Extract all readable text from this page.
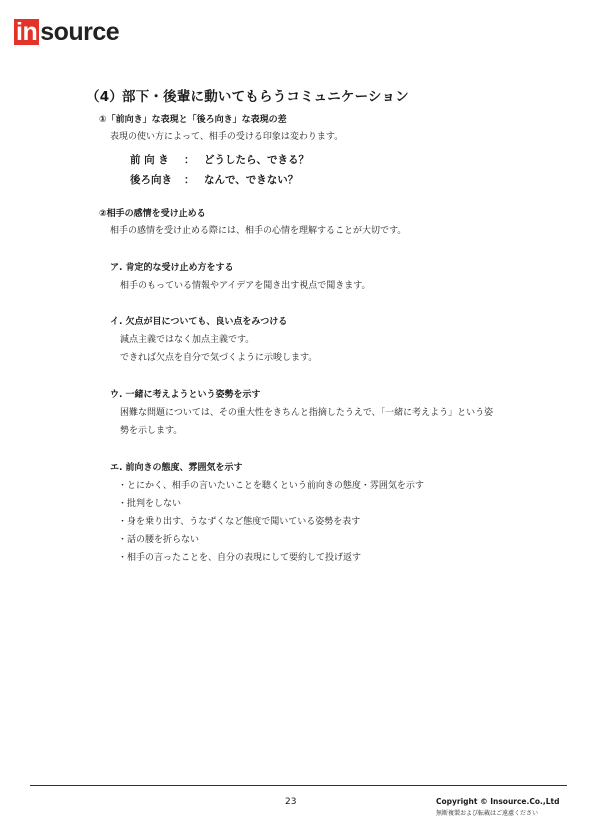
in source
（4）部下・後輩に動いてもらうコミュニケーション
①「前向き」な表現と「後ろ向き」な表現の差
表現の使い方によって、相手の受ける印象は変わります。
前 向 き ： どうしたら、できる？
後ろ向き ： なんで、できない？
②相手の感情を受け止める
相手の感情を受け止める際には、相手の心情を理解することが大切です。
ア. 肯定的な受け止め方をする
相手のもっている情報やアイデアを聞き出す視点で聞きます。
イ. 欠点が目についても、良い点をみつける
減点主義ではなく加点主義です。
できれば欠点を自分で気づくように示唆します。
ウ. 一緒に考えようという姿勢を示す
困難な問題については、その重大性をきちんと指摘したうえで、「一緒に考えよう」という姿
勢を示します。
エ. 前向きの態度、雰囲気を示す
・とにかく、相手の言いたいことを聴くという前向きの態度・雰囲気を示す
・批判をしない
・身を乗り出す、うなずくなど態度で聞いている姿勢を表す
・話の腰を折らない
・相手の言ったことを、自分の表現にして要約して投げ返す
23	Copyright © Insource.Co.,Ltd
無断複製および転載はご遠慮ください
